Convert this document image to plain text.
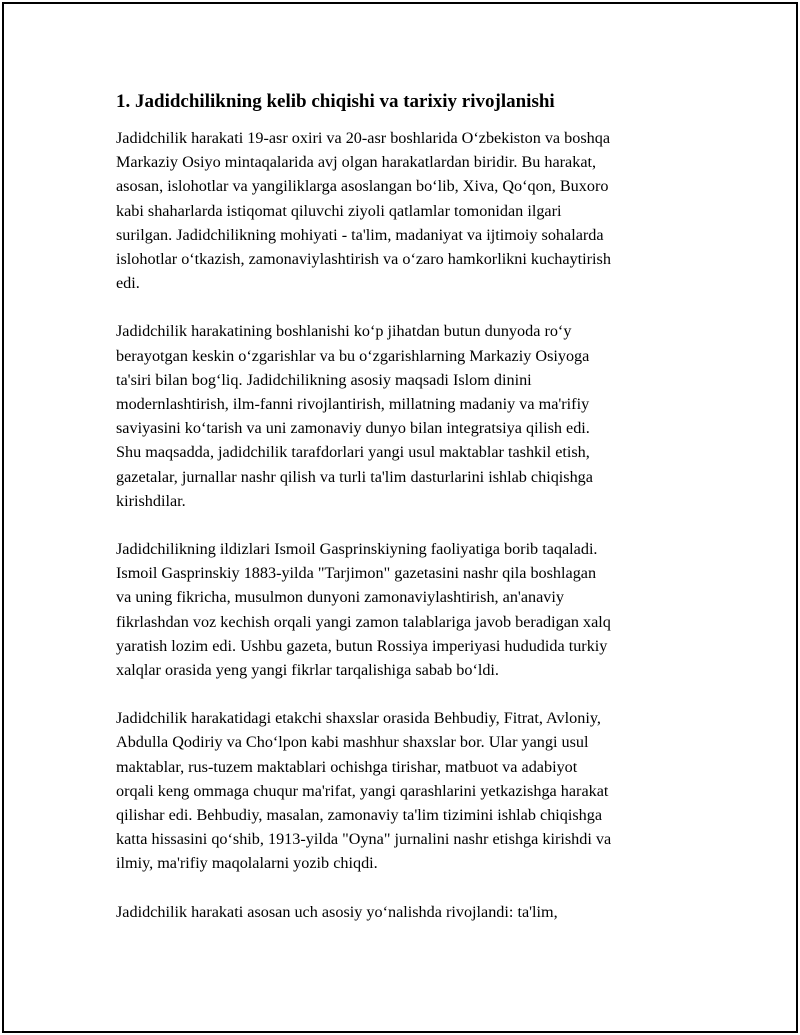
1. Jadidchilikning kelib chiqishi va tarixiy rivojlanishi

Jadidchilik harakati 19-asr oxiri va 20-asr boshlarida O‘zbekiston va boshqa
Markaziy Osiyo mintaqalarida avj olgan harakatlardan biridir. Bu harakat,
asosan, islohotlar va yangiliklarga asoslangan bo‘lib, Xiva, Qo‘qon, Buxoro
kabi shaharlarda istiqomat qiluvchi ziyoli qatlamlar tomonidan ilgari
surilgan. Jadidchilikning mohiyati - ta'lim, madaniyat va ijtimoiy sohalarda
islohotlar o‘tkazish, zamonaviylashtirish va o‘zaro hamkorlikni kuchaytirish
edi.

Jadidchilik harakatining boshlanishi ko‘p jihatdan butun dunyoda ro‘y
berayotgan keskin o‘zgarishlar va bu o‘zgarishlarning Markaziy Osiyoga
ta'siri bilan bog‘liq. Jadidchilikning asosiy maqsadi Islom dinini
modernlashtirish, ilm-fanni rivojlantirish, millatning madaniy va ma'rifiy
saviyasini ko‘tarish va uni zamonaviy dunyo bilan integratsiya qilish edi.
Shu maqsadda, jadidchilik tarafdorlari yangi usul maktablar tashkil etish,
gazetalar, jurnallar nashr qilish va turli ta'lim dasturlarini ishlab chiqishga
kirishdilar.

Jadidchilikning ildizlari Ismoil Gasprinskiyning faoliyatiga borib taqaladi.
Ismoil Gasprinskiy 1883-yilda "Tarjimon" gazetasini nashr qila boshlagan
va uning fikricha, musulmon dunyoni zamonaviylashtirish, an'anaviy
fikrlashdan voz kechish orqali yangi zamon talablariga javob beradigan xalq
yaratish lozim edi. Ushbu gazeta, butun Rossiya imperiyasi hududida turkiy
xalqlar orasida yeng yangi fikrlar tarqalishiga sabab bo‘ldi.

Jadidchilik harakatidagi etakchi shaxslar orasida Behbudiy, Fitrat, Avloniy,
Abdulla Qodiriy va Cho‘lpon kabi mashhur shaxslar bor. Ular yangi usul
maktablar, rus-tuzem maktablari ochishga tirishar, matbuot va adabiyot
orqali keng ommaga chuqur ma'rifat, yangi qarashlarini yetkazishga harakat
qilishar edi. Behbudiy, masalan, zamonaviy ta'lim tizimini ishlab chiqishga
katta hissasini qo‘shib, 1913-yilda "Oyna" jurnalini nashr etishga kirishdi va
ilmiy, ma'rifiy maqolalarni yozib chiqdi.

Jadidchilik harakati asosan uch asosiy yo‘nalishda rivojlandi: ta'lim,
